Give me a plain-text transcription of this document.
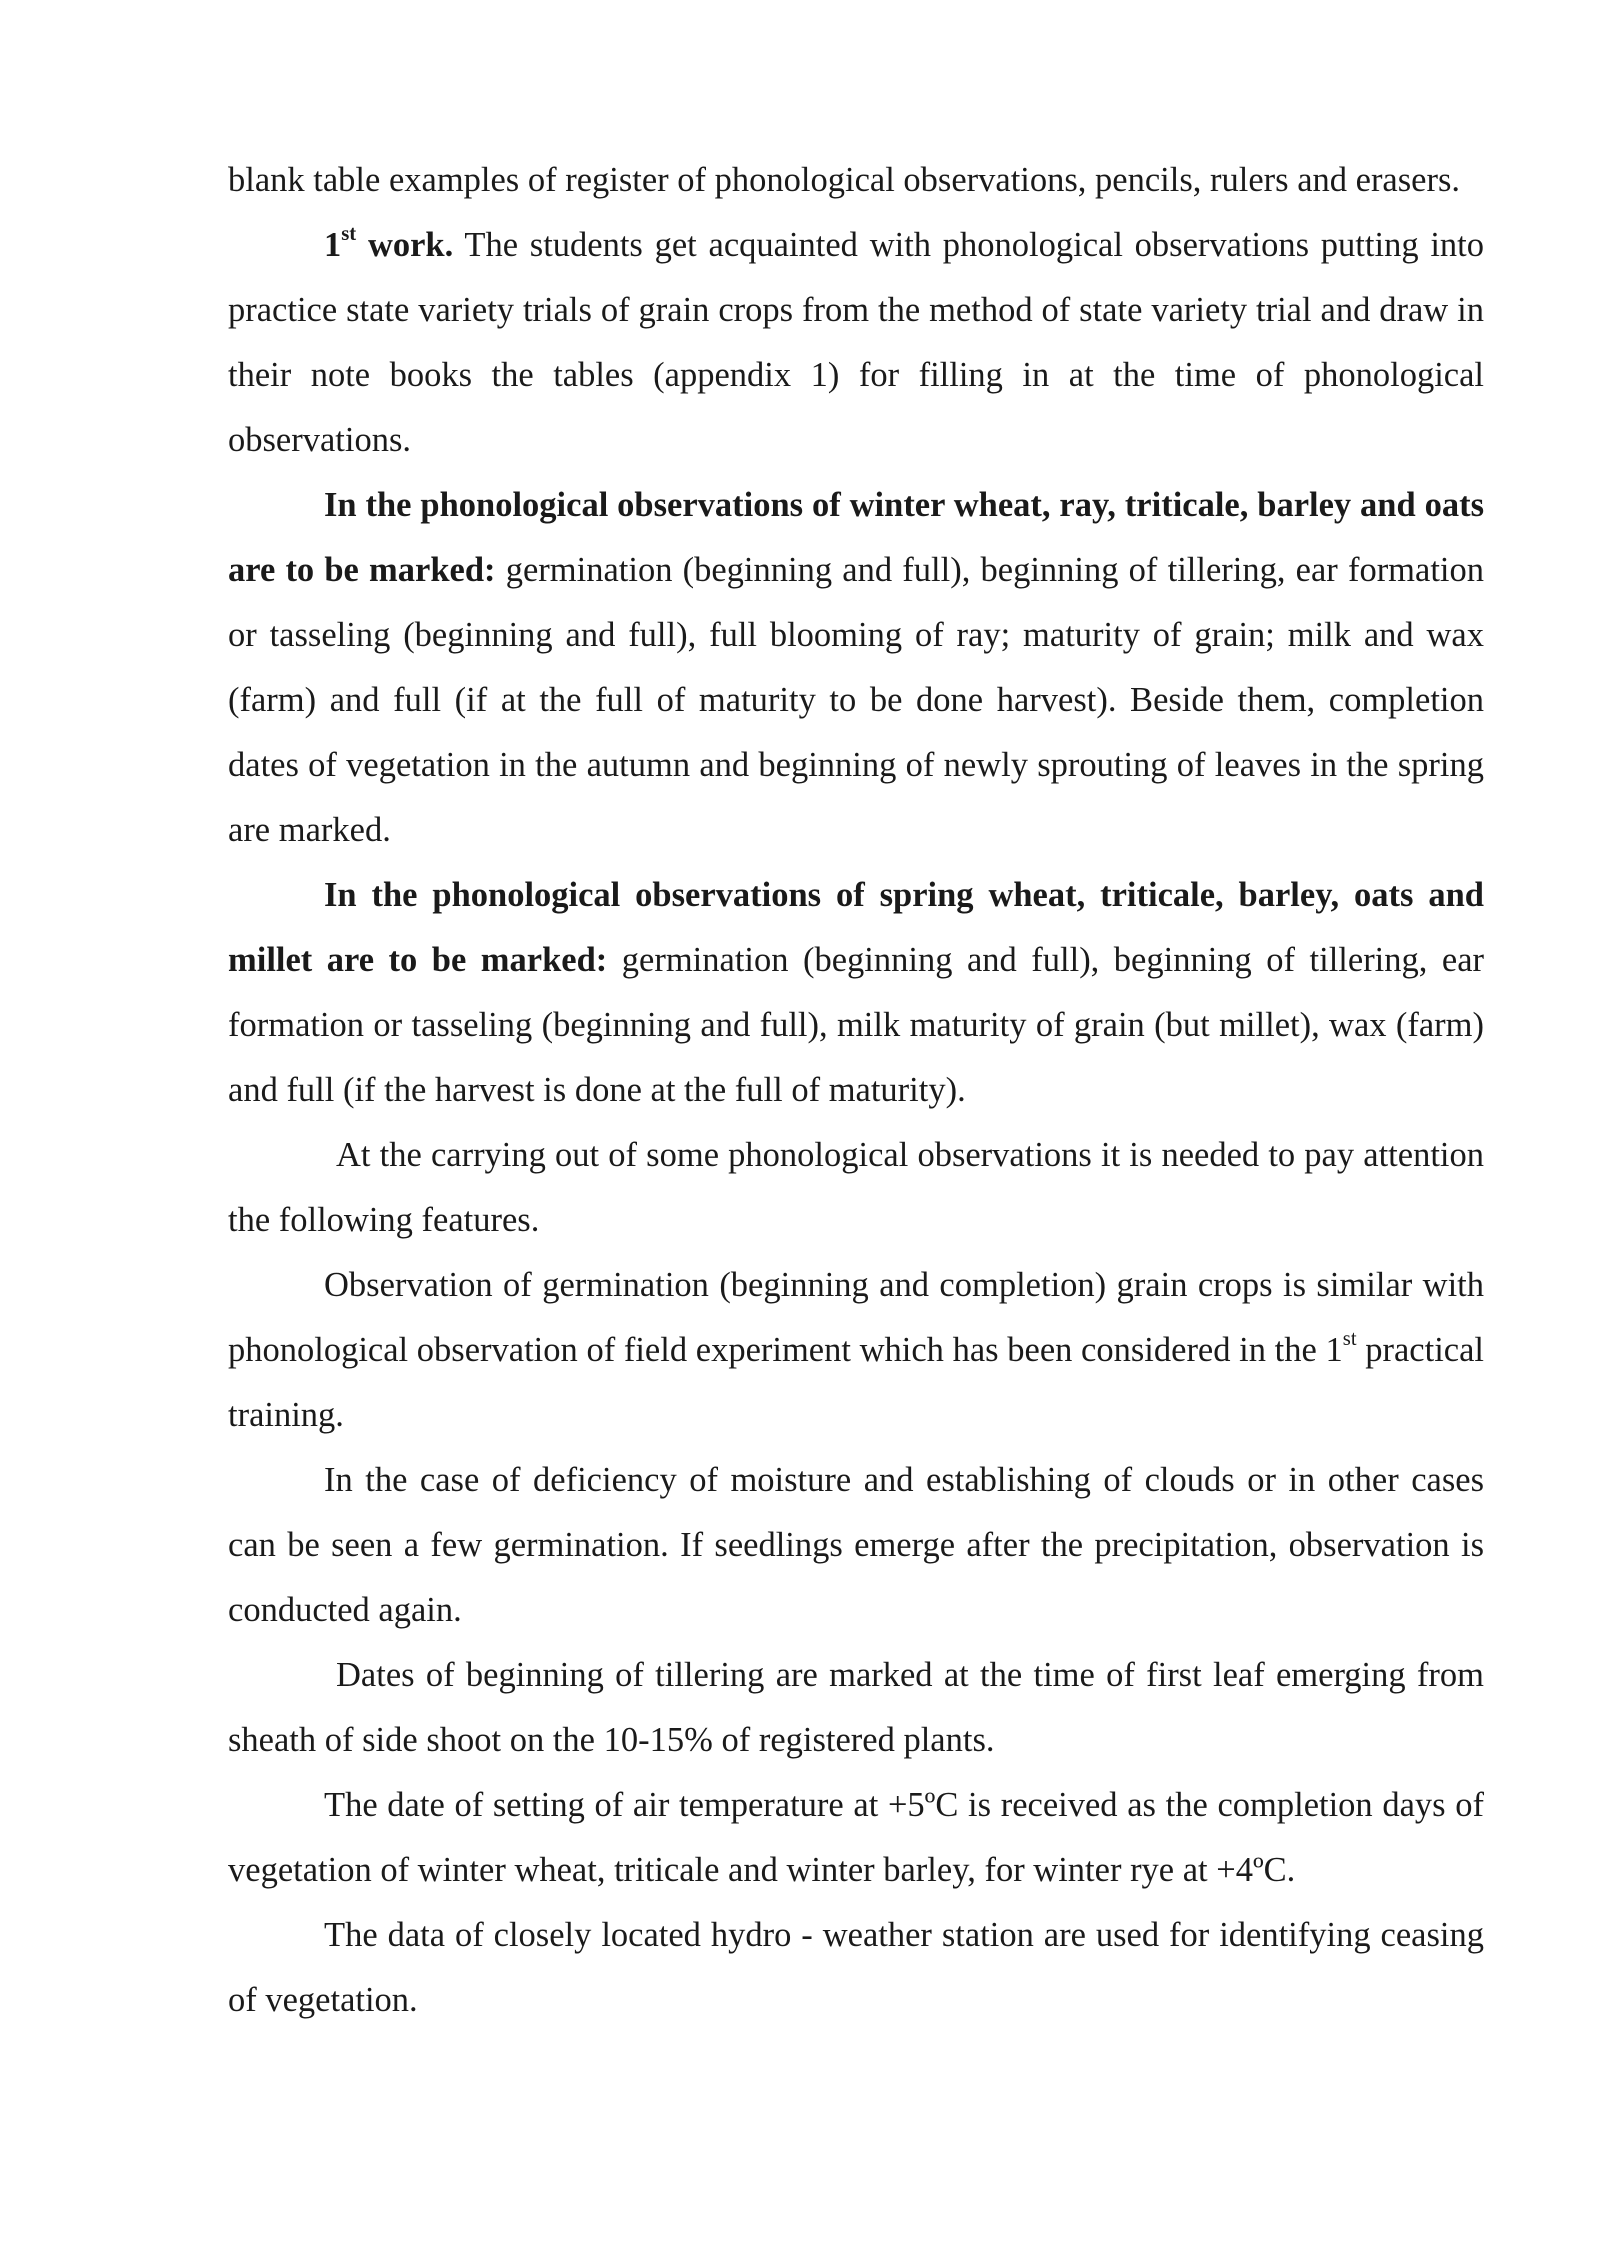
blank table examples of register of phonological observations, pencils, rulers and erasers.

1st work. The students get acquainted with phonological observations putting into practice state variety trials of grain crops from the method of state variety trial and draw in their note books the tables (appendix 1) for filling in at the time of phonological observations.

In the phonological observations of winter wheat, ray, triticale, barley and oats are to be marked: germination (beginning and full), beginning of tillering, ear formation or tasseling (beginning and full), full blooming of ray; maturity of grain; milk and wax (farm) and full (if at the full of maturity to be done harvest). Beside them, completion dates of vegetation in the autumn and beginning of newly sprouting of leaves in the spring are marked.

In the phonological observations of spring wheat, triticale, barley, oats and millet are to be marked: germination (beginning and full), beginning of tillering, ear formation or tasseling (beginning and full), milk maturity of grain (but millet), wax (farm) and full (if the harvest is done at the full of maturity).

At the carrying out of some phonological observations it is needed to pay attention the following features.

Observation of germination (beginning and completion) grain crops is similar with phonological observation of field experiment which has been considered in the 1st practical training.

In the case of deficiency of moisture and establishing of clouds or in other cases can be seen a few germination. If seedlings emerge after the precipitation, observation is conducted again.

Dates of beginning of tillering are marked at the time of first leaf emerging from sheath of side shoot on the 10-15% of registered plants.

The date of setting of air temperature at +5ºC is received as the completion days of vegetation of winter wheat, triticale and winter barley, for winter rye at +4ºC.

The data of closely located hydro - weather station are used for identifying ceasing of vegetation.
